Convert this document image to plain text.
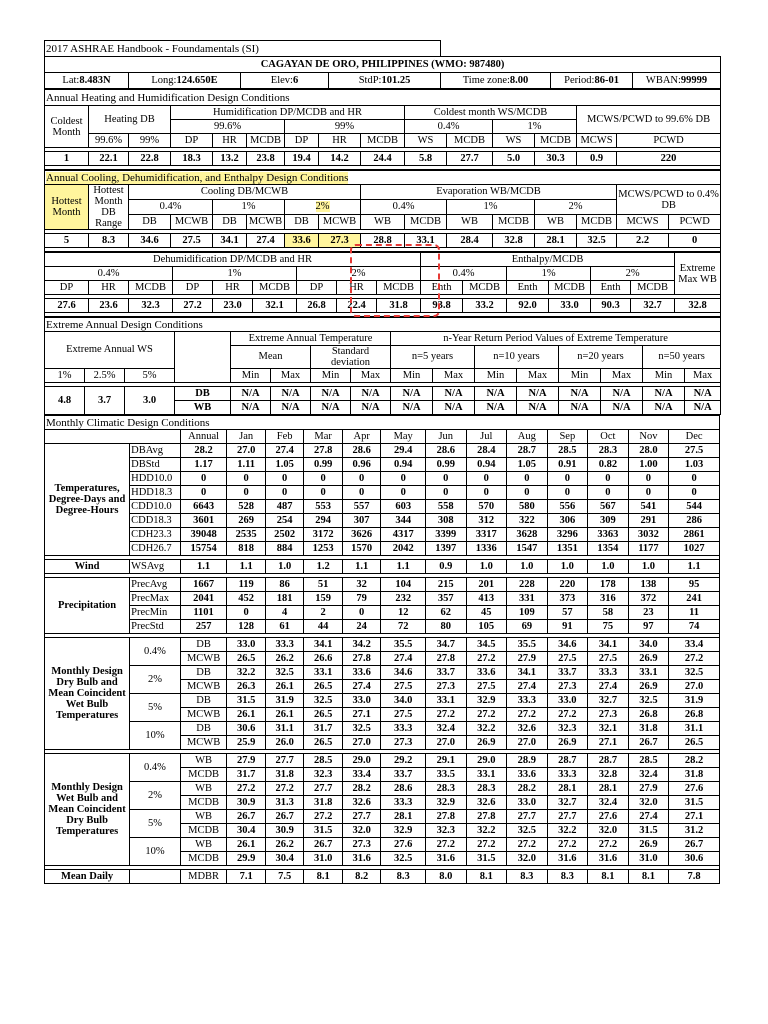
2017 ASHRAE Handbook - Foundamentals (SI)						
CAGAYAN DE ORO, PHILIPPINES (WMO: 987480)						
Lat:8.483N	Long:124.650E	Elev:6	StdP:101.25	Time zone:8.00	Period:86-01	WBAN:99999
Annual Heating and Humidification Design Conditions														
Coldest Month	Heating DB		Humidification DP/MCDB and HR						Coldest month WS/MCDB				MCWS/PCWD to 99.6% DB	
			99.6%			99%			0.4%		1%			
	99.6%	99%	DP	HR	MCDB	DP	HR	MCDB	WS	MCDB	WS	MCDB	MCWS	PCWD

1	22.1	22.8	18.3	13.2	23.8	19.4	14.2	24.4	5.8	27.7	5.0	30.3	0.9	220

Annual Cooling, Dehumidification, and Enthalpy Design Conditions															
Hottest Month	Hottest Month DB Range	Cooling DB/MCWB						Evaporation WB/MCDB						MCWS/PCWD to 0.4% DB	
		0.4%		1%		2%		0.4%		1%		2%			
		DB	MCWB	DB	MCWB	DB	MCWB	WB	MCDB	WB	MCDB	WB	MCDB	MCWS	PCWD

5	8.3	34.6	27.5	34.1	27.4	33.6	27.3	28.8	33.1	28.4	32.8	28.1	32.5	2.2	0

Dehumidification DP/MCDB and HR									Enthalpy/MCDB						Extreme Max WB
0.4%			1%			2%			0.4%		1%		2%		
DP	HR	MCDB	DP	HR	MCDB	DP	HR	MCDB	Enth	MCDB	Enth	MCDB	Enth	MCDB	

27.6	23.6	32.3	27.2	23.0	32.1	26.8	22.4	31.8	93.8	33.2	92.0	33.0	90.3	32.7	32.8

Extreme Annual Design Conditions															
Extreme Annual WS				Extreme Annual Temperature				n-Year Return Period Values of Extreme Temperature							
				Mean		Standard deviation		n=5 years		n=10 years		n=20 years		n=50 years	

1%	2.5%	5%		Min	Max	Min	Max	Min	Max	Min	Max	Min	Max	Min	Max

4.8	3.7	3.0	DB	N/A	N/A	N/A	N/A	N/A	N/A	N/A	N/A	N/A	N/A	N/A	N/A
			WB	N/A	N/A	N/A	N/A	N/A	N/A	N/A	N/A	N/A	N/A	N/A	N/A
Monthly Climatic Design Conditions														
		Annual	Jan	Feb	Mar	Apr	May	Jun	Jul	Aug	Sep	Oct	Nov	Dec
Temperatures, Degree-Days and Degree-Hours	DBAvg	28.2	27.0	27.4	27.8	28.6	29.4	28.6	28.4	28.7	28.5	28.3	28.0	27.5
	DBStd	1.17	1.11	1.05	0.99	0.96	0.94	0.99	0.94	1.05	0.91	0.82	1.00	1.03
	HDD10.0	0	0	0	0	0	0	0	0	0	0	0	0	0
	HDD18.3	0	0	0	0	0	0	0	0	0	0	0	0	0
	CDD10.0	6643	528	487	553	557	603	558	570	580	556	567	541	544
	CDD18.3	3601	269	254	294	307	344	308	312	322	306	309	291	286
	CDH23.3	39048	2535	2502	3172	3626	4317	3399	3317	3628	3296	3363	3032	2861
	CDH26.7	15754	818	884	1253	1570	2042	1397	1336	1547	1351	1354	1177	1027

Wind	WSAvg	1.1	1.1	1.0	1.2	1.1	1.1	0.9	1.0	1.0	1.0	1.0	1.0	1.1

Precipitation	PrecAvg	1667	119	86	51	32	104	215	201	228	220	178	138	95
	PrecMax	2041	452	181	159	79	232	357	413	331	373	316	372	241
	PrecMin	1101	0	4	2	0	12	62	45	109	57	58	23	11
	PrecStd	257	128	61	44	24	72	80	105	69	91	75	97	74

Monthly Design Dry Bulb and Mean Coincident Wet Bulb Temperatures	0.4%	DB	33.0	33.3	34.1	34.2	35.5	34.7	34.5	35.5	34.6	34.1	34.0	33.4
		MCWB	26.5	26.2	26.6	27.8	27.4	27.8	27.2	27.9	27.5	27.5	26.9	27.2
	2%	DB	32.2	32.5	33.1	33.6	34.6	33.7	33.6	34.1	33.7	33.3	33.1	32.5
		MCWB	26.3	26.1	26.5	27.4	27.5	27.3	27.5	27.4	27.3	27.4	26.9	27.0
	5%	DB	31.5	31.9	32.5	33.0	34.0	33.1	32.9	33.3	33.0	32.7	32.5	31.9
		MCWB	26.1	26.1	26.5	27.1	27.5	27.2	27.2	27.2	27.2	27.3	26.8	26.8
	10%	DB	30.6	31.1	31.7	32.5	33.3	32.4	32.2	32.6	32.3	32.1	31.8	31.1
		MCWB	25.9	26.0	26.5	27.0	27.3	27.0	26.9	27.0	26.9	27.1	26.7	26.5

Monthly Design Wet Bulb and Mean Coincident Dry Bulb Temperatures	0.4%	WB	27.9	27.7	28.5	29.0	29.2	29.1	29.0	28.9	28.7	28.7	28.5	28.2
		MCDB	31.7	31.8	32.3	33.4	33.7	33.5	33.1	33.6	33.3	32.8	32.4	31.8
	2%	WB	27.2	27.2	27.7	28.2	28.6	28.3	28.3	28.2	28.1	28.1	27.9	27.6
		MCDB	30.9	31.3	31.8	32.6	33.3	32.9	32.6	33.0	32.7	32.4	32.0	31.5
	5%	WB	26.7	26.7	27.2	27.7	28.1	27.8	27.8	27.7	27.7	27.6	27.4	27.1
		MCDB	30.4	30.9	31.5	32.0	32.9	32.3	32.2	32.5	32.2	32.0	31.5	31.2
	10%	WB	26.1	26.2	26.7	27.3	27.6	27.2	27.2	27.2	27.2	27.2	26.9	26.7
		MCDB	29.9	30.4	31.0	31.6	32.5	31.6	31.5	32.0	31.6	31.6	31.0	30.6

Mean Daily		MDBR	7.1	7.5	8.1	8.2	8.3	8.0	8.1	8.3	8.3	8.1	8.1	7.8
